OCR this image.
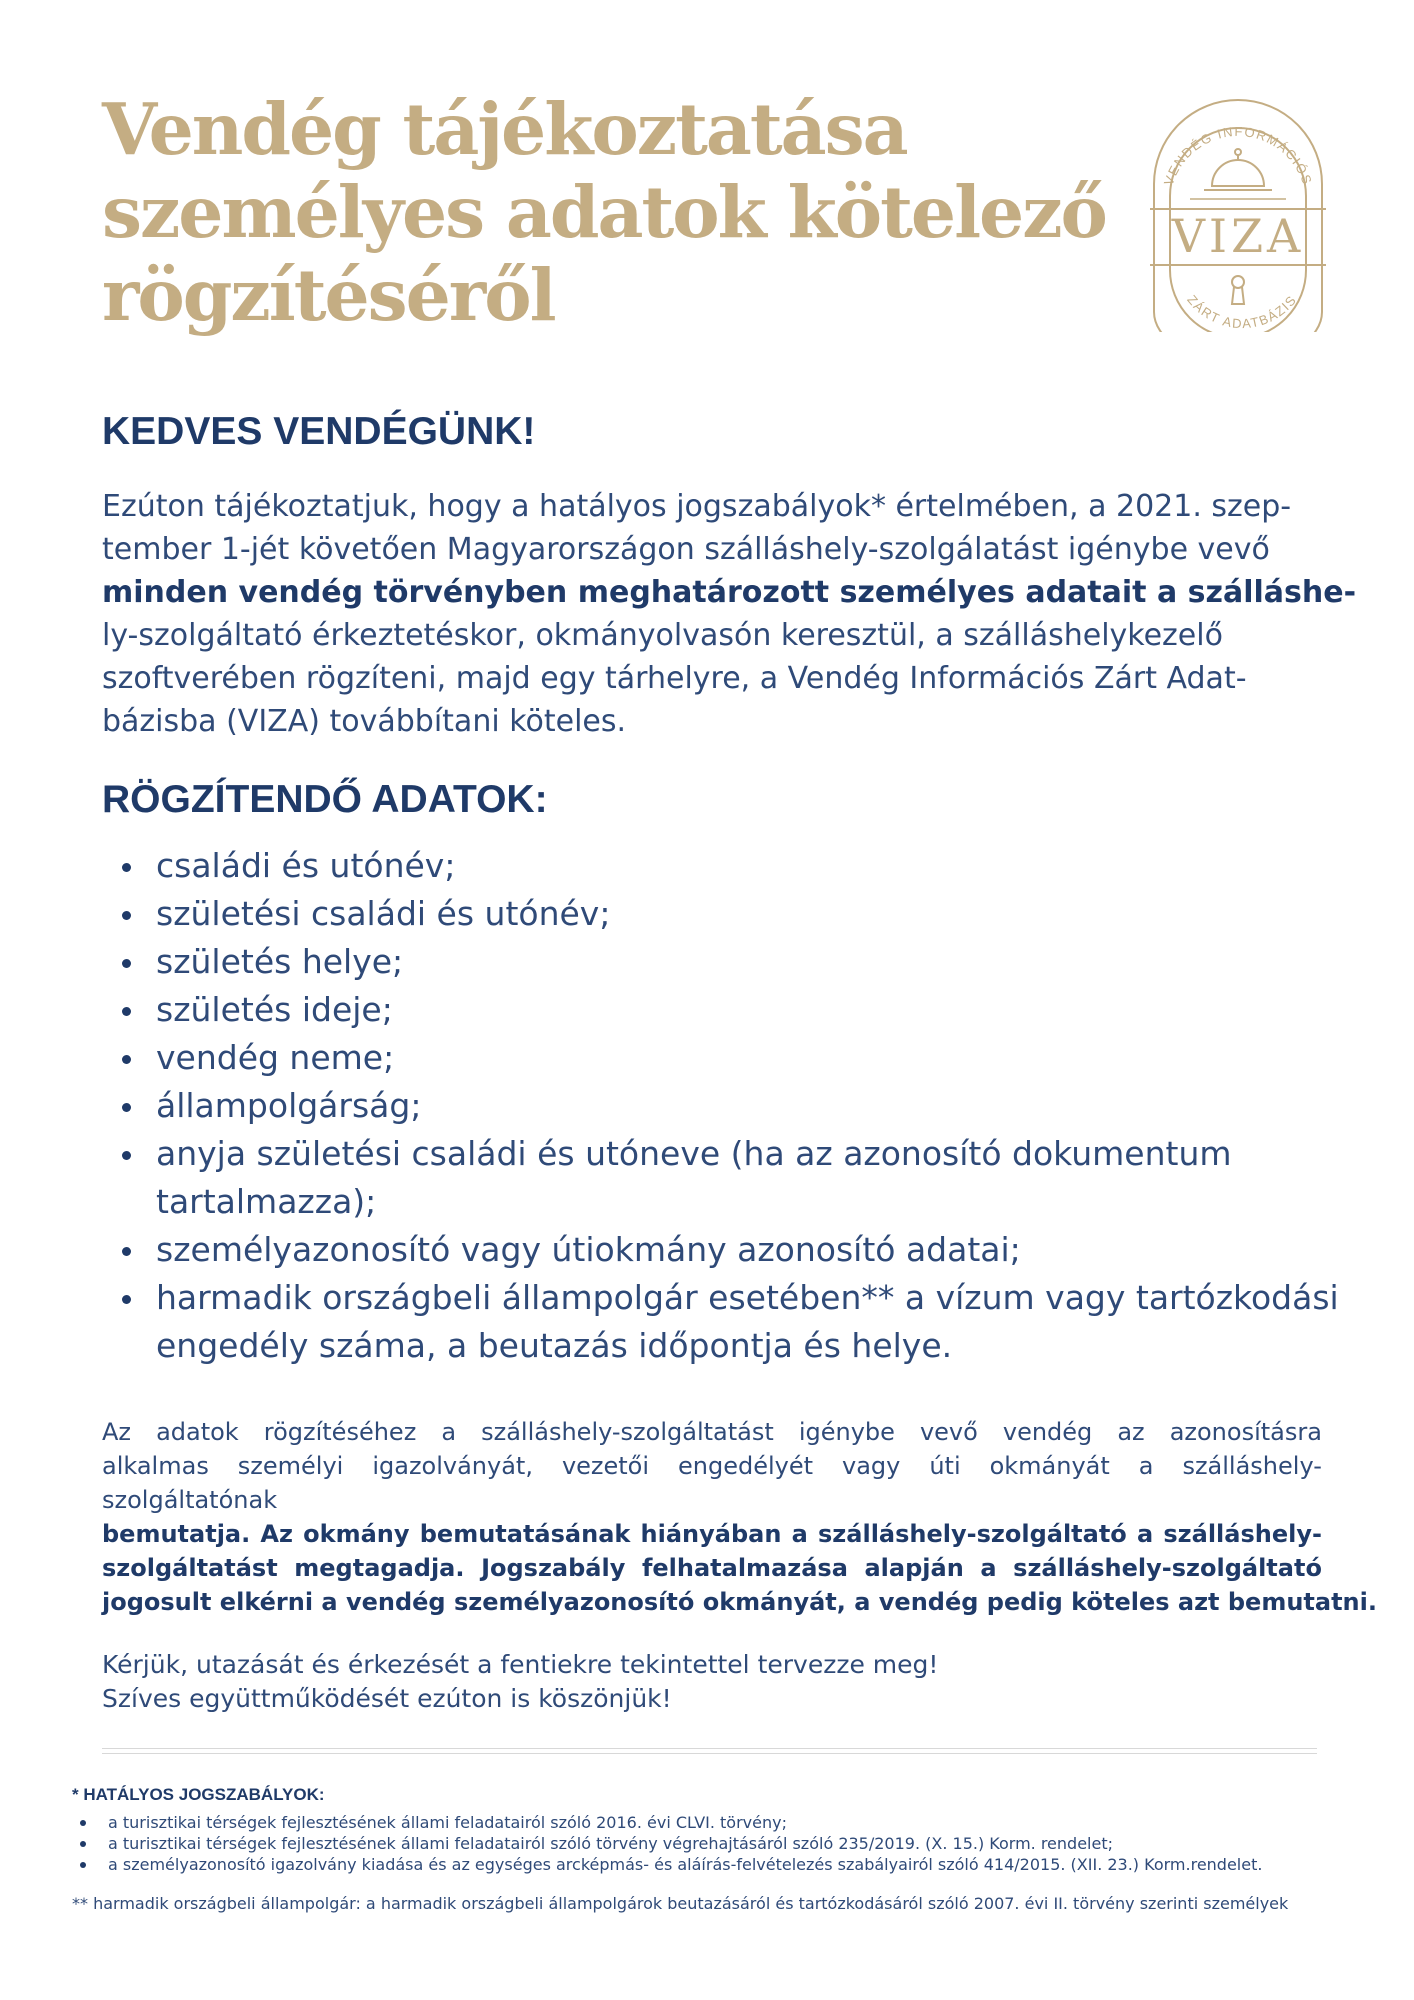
Vendég tájékoztatása
személyes adatok kötelező
rögzítéséről
VENDÉG INFORMÁCIÓS
VIZA
ZÁRT ADATBÁZIS
KEDVES VENDÉGÜNK!
Ezúton tájékoztatjuk, hogy a hatályos jogszabályok* értelmében, a 2021. szep-
tember 1-jét követően Magyarországon szálláshely-szolgálatást igénybe vevő
minden vendég törvényben meghatározott személyes adatait a szálláshe-
ly-szolgáltató érkeztetéskor, okmányolvasón keresztül, a szálláshelykezelő
szoftverében rögzíteni, majd egy tárhelyre, a Vendég Információs Zárt Adat-
bázisba (VIZA) továbbítani köteles.
RÖGZÍTENDŐ ADATOK:
családi és utónév;
születési családi és utónév;
születés helye;
születés ideje;
vendég neme;
állampolgárság;
anyja születési családi és utóneve (ha az azonosító dokumentum
tartalmazza);
személyazonosító vagy útiokmány azonosító adatai;
harmadik országbeli állampolgár esetében** a vízum vagy tartózkodási
engedély száma, a beutazás időpontja és helye.
Az adatok rögzítéséhez a szálláshely-szolgáltatást igénybe vevő vendég az azonosításra
alkalmas személyi igazolványát, vezetői engedélyét vagy úti okmányát a szálláshely-
szolgáltatónak
bemutatja. Az okmány bemutatásának hiányában a szálláshely-szolgáltató a szálláshely-
szolgáltatást megtagadja. Jogszabály felhatalmazása alapján a szálláshely-szolgáltató
jogosult elkérni a vendég személyazonosító okmányát, a vendég pedig köteles azt bemutatni.
Kérjük, utazását és érkezését a fentiekre tekintettel tervezze meg!
Szíves együttműködését ezúton is köszönjük!
* HATÁLYOS JOGSZABÁLYOK:
a turisztikai térségek fejlesztésének állami feladatairól szóló 2016. évi CLVI. törvény;
a turisztikai térségek fejlesztésének állami feladatairól szóló törvény végrehajtásáról szóló 235/2019. (X. 15.) Korm. rendelet;
a személyazonosító igazolvány kiadása és az egységes arcképmás- és aláírás-felvételezés szabályairól szóló 414/2015. (XII. 23.) Korm.rendelet.
** harmadik országbeli állampolgár: a harmadik országbeli állampolgárok beutazásáról és tartózkodásáról szóló 2007. évi II. törvény szerinti személyek
